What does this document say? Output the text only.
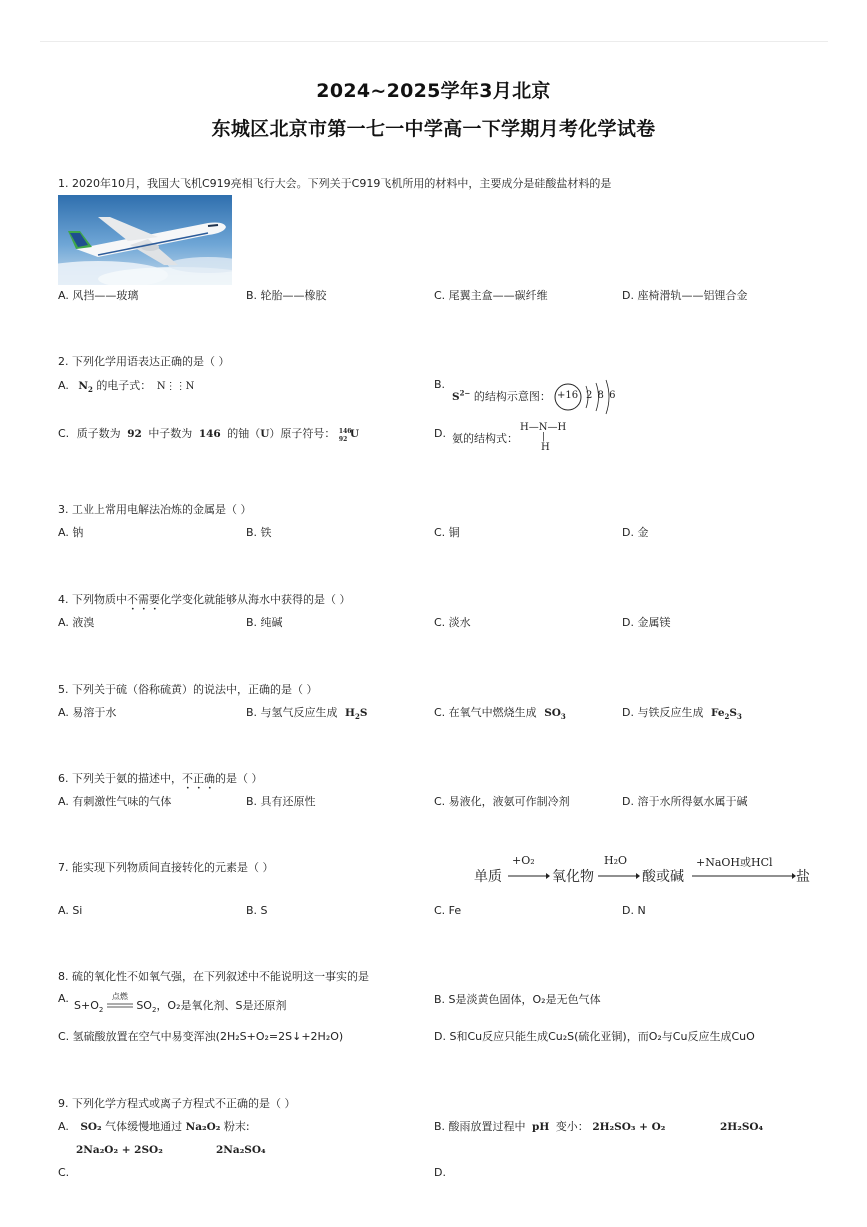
2024~2025学年3月北京
东城区北京市第一七一中学高一下学期月考化学试卷
1. 2020年10月，我国大飞机C919亮相飞行大会。下列关于C919飞机所用的材料中，主要成分是硅酸盐材料的是
A. 风挡——玻璃	B. 轮胎——橡胶	C. 尾翼主盒——碳纤维	D. 座椅滑轨——铝锂合金
2. 下列化学用语表达正确的是（ ）
A. $N_2$ 的电子式： N⋮⋮N	B.
$S^{2-}$ 的结构示意图： +16 2 8 6
C. 质子数为 92 中子数为 146 的铀（U）原子符号： 146
92 U	D. 氨的结构式：
H—N—H
|
H
3. 工业上常用电解法冶炼的金属是（ ）
A. 钠	B. 铁	C. 铜	D. 金
4. 下列物质中不需要化学变化就能够从海水中获得的是（ ）
A. 液溴	B. 纯碱	C. 淡水	D. 金属镁
5. 下列关于硫（俗称硫黄）的说法中，正确的是（ ）
A. 易溶于水	B. 与氢气反应生成 $H_2S$	C. 在氧气中燃烧生成 $SO_3$	D. 与铁反应生成 $Fe_2S_3$
6. 下列关于氨的描述中，不正确的是（ ）
A. 有刺激性气味的气体	B. 具有还原性	C. 易液化，液氨可作制冷剂	D. 溶于水所得氨水属于碱
7. 能实现下列物质间直接转化的元素是（ ）
单质
+O₂
氧化物
H₂O
酸或碱
+NaOH或HCl
盐
A. Si	B. S	C. Fe	D. N
8. 硫的氧化性不如氧气强，在下列叙述中不能说明这一事实的是
A.
$S+O_2$
点燃
$SO_2$，O₂是氧化剂、S是还原剂	B. S是淡黄色固体，O₂是无色气体
C. 氢硫酸放置在空气中易变浑浊(2H₂S+O₂=2S↓+2H₂O)	D. S和Cu反应只能生成Cu₂S(硫化亚铜)，而O₂与Cu反应生成CuO
9. 下列化学方程式或离子方程式不正确的是（ ）
A. SO₂ 气体缓慢地通过 Na₂O₂ 粉末:
2Na₂O₂ + 2SO₂	2Na₂SO₄
B. 酸雨放置过程中 pH 变小： 2H₂SO₃ + O₂	2H₂SO₄
C.	D.
